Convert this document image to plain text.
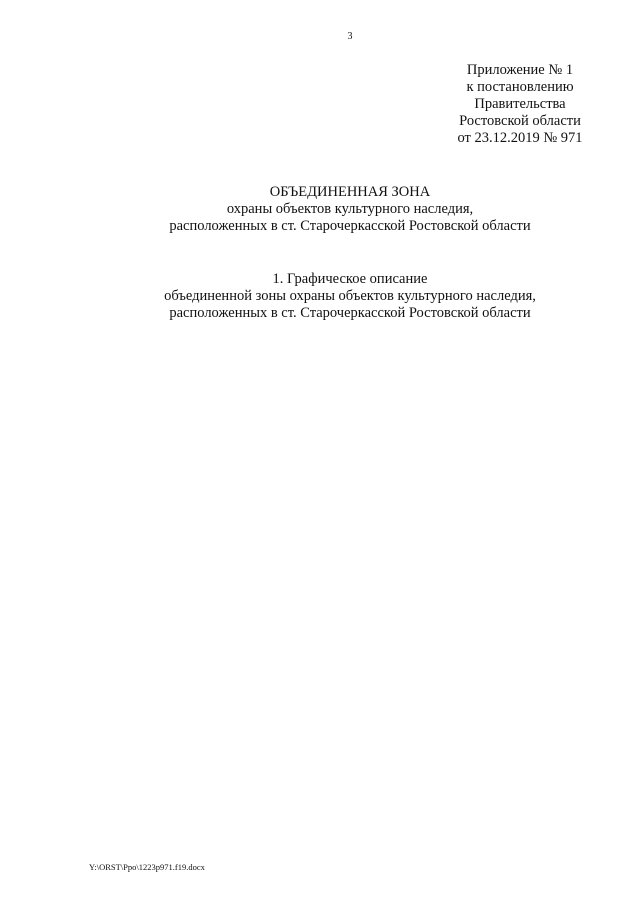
3
Приложение № 1
к постановлению
Правительства
Ростовской области
от 23.12.2019 № 971
ОБЪЕДИНЕННАЯ ЗОНА
охраны объектов культурного наследия,
расположенных в ст. Старочеркасской Ростовской области
1. Графическое описание
объединенной зоны охраны объектов культурного наследия,
расположенных в ст. Старочеркасской Ростовской области
Y:\ORST\Ppo\1223p971.f19.docx
